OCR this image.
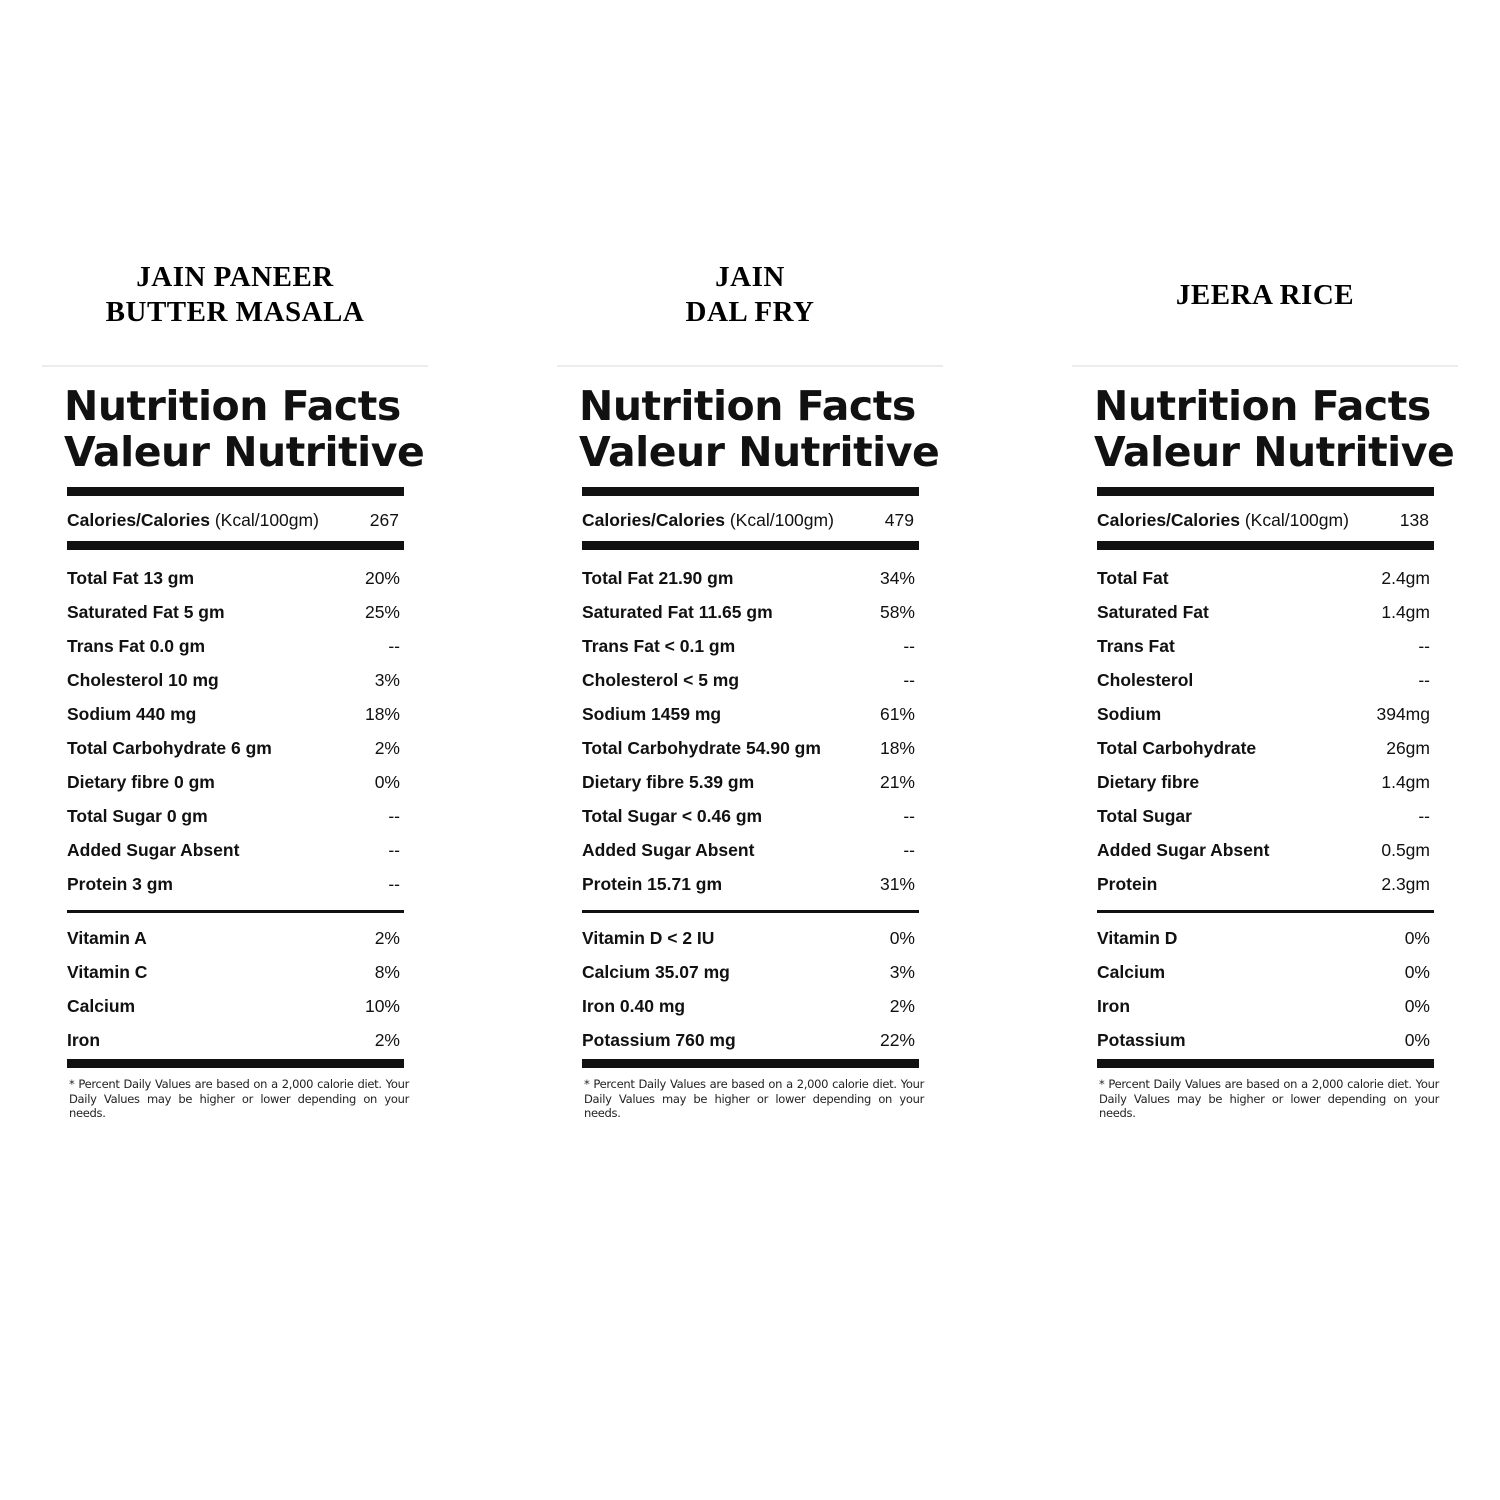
JAIN PANEER
BUTTER MASALA
Nutrition Facts
Valeur Nutritive
Calories/Calories (Kcal/100gm)	267
Total Fat 13 gm	20%
Saturated Fat 5 gm	25%
Trans Fat 0.0 gm	--
Cholesterol 10 mg	3%
Sodium 440 mg	18%
Total Carbohydrate 6 gm	2%
Dietary fibre 0 gm	0%
Total Sugar 0 gm	--
Added Sugar Absent	--
Protein 3 gm	--
Vitamin A	2%
Vitamin C	8%
Calcium	10%
Iron	2%
* Percent Daily Values are based on a 2,000 calorie diet. Your Daily Values may be higher or lower depending on your needs.
JAIN
DAL FRY
Nutrition Facts
Valeur Nutritive
Calories/Calories (Kcal/100gm)	479
Total Fat 21.90 gm	34%
Saturated Fat 11.65 gm	58%
Trans Fat < 0.1 gm	--
Cholesterol < 5 mg	--
Sodium 1459 mg	61%
Total Carbohydrate 54.90 gm	18%
Dietary fibre 5.39 gm	21%
Total Sugar < 0.46 gm	--
Added Sugar Absent	--
Protein 15.71 gm	31%
Vitamin D < 2 IU	0%
Calcium 35.07 mg	3%
Iron 0.40 mg	2%
Potassium 760 mg	22%
* Percent Daily Values are based on a 2,000 calorie diet. Your Daily Values may be higher or lower depending on your needs.
JEERA RICE
Nutrition Facts
Valeur Nutritive
Calories/Calories (Kcal/100gm)	138
Total Fat	2.4gm
Saturated Fat	1.4gm
Trans Fat	--
Cholesterol	--
Sodium	394mg
Total Carbohydrate	26gm
Dietary fibre	1.4gm
Total Sugar	--
Added Sugar Absent	0.5gm
Protein	2.3gm
Vitamin D	0%
Calcium	0%
Iron	0%
Potassium	0%
* Percent Daily Values are based on a 2,000 calorie diet. Your Daily Values may be higher or lower depending on your needs.
